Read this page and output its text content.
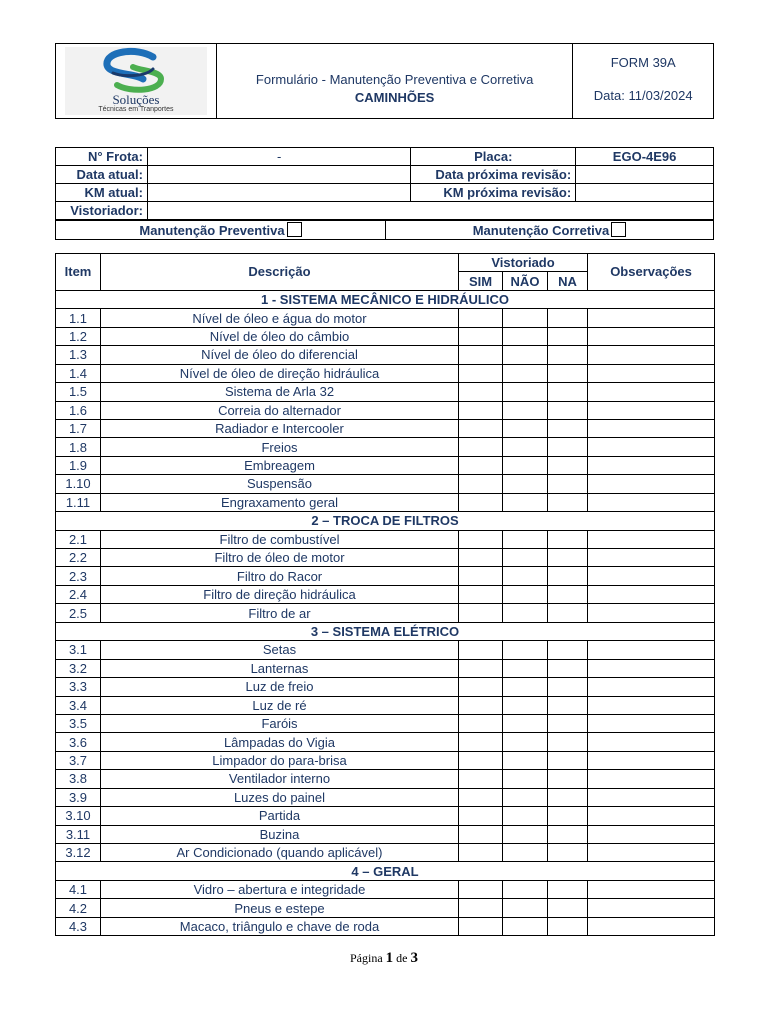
Soluções
Técnicas em Tranportes

Formulário - Manutenção Preventiva e Corretiva
CAMINHÕES

FORM 39A
Data: 11/03/2024
N° Frota:	-	Placa:	EGO-4E96
Data atual:		Data próxima revisão:	
KM atual:		KM próxima revisão:	
Vistoriador:			
Manutenção Preventiva	Manutenção Corretiva
Item	Descrição	Vistoriado			Observações
		SIM	NÃO	NA	
1 - SISTEMA MECÂNICO E HIDRÁULICO					
1.1	Nível de óleo e água do motor				
1.2	Nível de óleo do câmbio				
1.3	Nível de óleo do diferencial				
1.4	Nível de óleo de direção hidráulica				
1.5	Sistema de Arla 32				
1.6	Correia do alternador				
1.7	Radiador e Intercooler				
1.8	Freios				
1.9	Embreagem				
1.10	Suspensão				
1.11	Engraxamento geral				
2 – TROCA DE FILTROS					
2.1	Filtro de combustível				
2.2	Filtro de óleo de motor				
2.3	Filtro do Racor				
2.4	Filtro de direção hidráulica				
2.5	Filtro de ar				
3 – SISTEMA ELÉTRICO					
3.1	Setas				
3.2	Lanternas				
3.3	Luz de freio				
3.4	Luz de ré				
3.5	Faróis				
3.6	Lâmpadas do Vigia				
3.7	Limpador do para-brisa				
3.8	Ventilador interno				
3.9	Luzes do painel				
3.10	Partida				
3.11	Buzina				
3.12	Ar Condicionado (quando aplicável)				
4 – GERAL					
4.1	Vidro – abertura e integridade				
4.2	Pneus e estepe				
4.3	Macaco, triângulo e chave de roda				
Página 1 de 3
